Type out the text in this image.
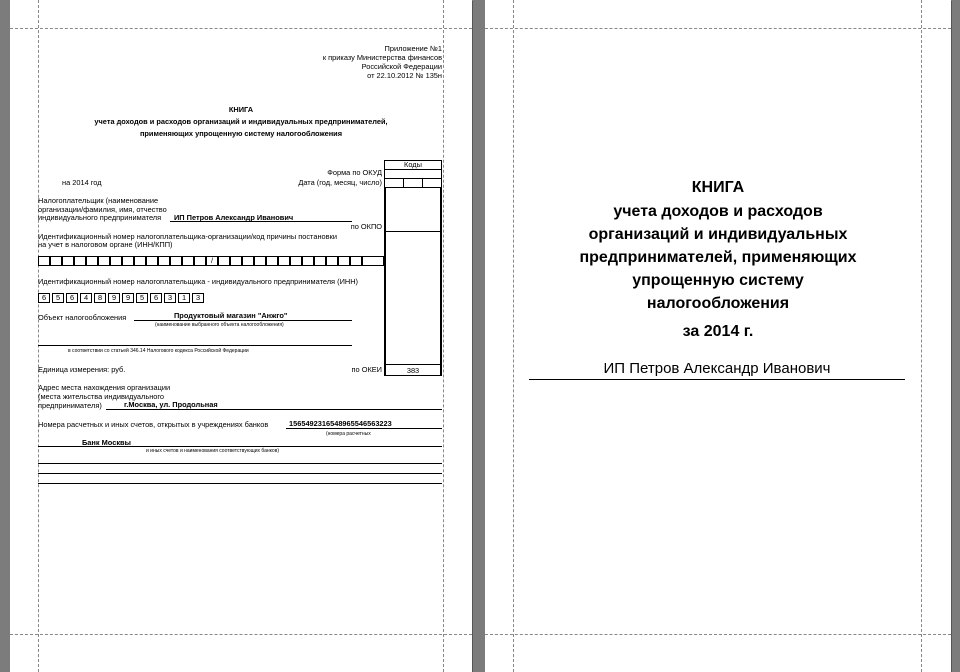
Приложение №1
к приказу Министерства финансов
Российской Федерации
от 22.10.2012 № 135н
КНИГА
учета доходов и расходов организаций и индивидуальных предпринимателей,
применяющих упрощенную систему налогообложения
Коды
Форма по ОКУД
Дата (год, месяц, число)
на 2014 год
Налогоплательщик (наименование
организации/фамилия, имя, отчество
индивидуального предпринимателя ИП Петров Александр Иванович
по ОКПО
Идентификационный номер налогоплательщика-организации/код причины постановки
на учет в налоговом органе (ИНН/КПП)
/
Идентификационный номер налогоплательщика - индивидуального предпринимателя (ИНН)
6	5	6	4	8	9	9	5	6	3	1	3
Объект налогообложения	Продуктовый магазин "Анжго"
(наименование выбранного объекта налогообложения)
в соответствии со статьей 346.14 Налогового кодекса Российской Федерации
Единица измерения: руб.	по ОКЕИ	383
Адрес места нахождения организации
(места жительства индивидуального
предпринимателя)	г.Москва, ул. Продольная
Номера расчетных и иных счетов, открытых в учреждениях банков	15654923165489655465632​23
(номера расчетных
Банк Москвы
и иных счетов и наименования соответствующих банков)
КНИГА
учета доходов и расходов
организаций и индивидуальных
предпринимателей, применяющих
упрощенную систему
налогообложения
за 2014 г.
ИП Петров Александр Иванович
